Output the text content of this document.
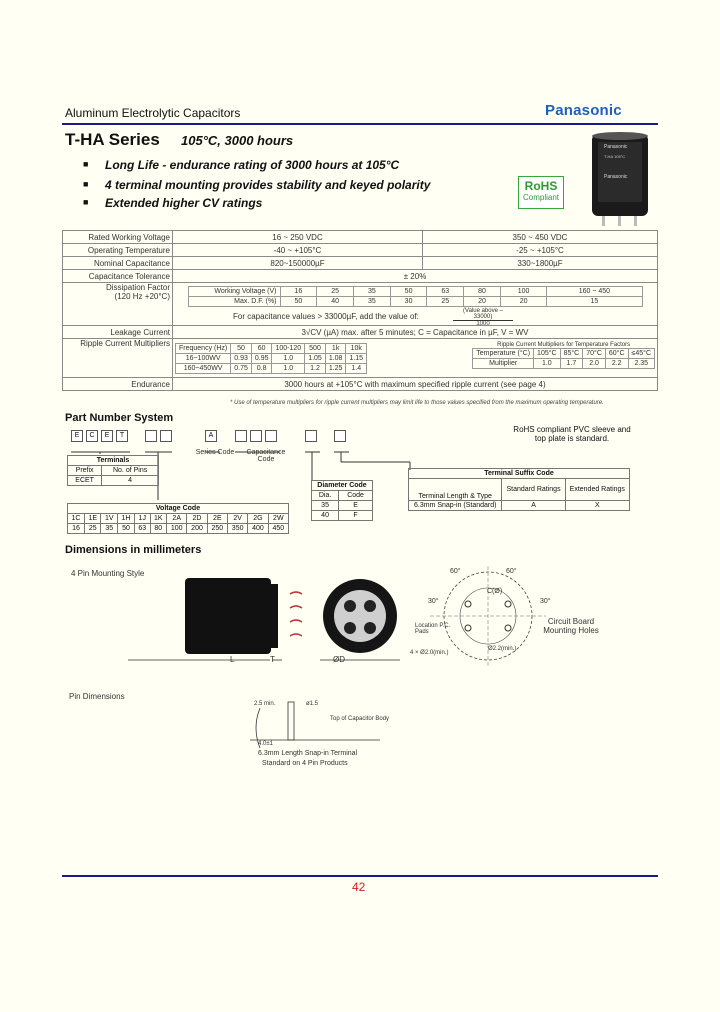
Aluminum Electrolytic Capacitors	Panasonic
T-HA Series 105°C, 3000 hours
■ Long Life - endurance rating of 3000 hours at 105°C
■ 4 terminal mounting provides stability and keyed polarity
■ Extended higher CV ratings
RoHS
Compliant
Panasonic
T-HA 105°C
Panasonic
Rated Working Voltage	16 ~ 250 VDC	350 ~ 450 VDC
Operating Temperature	-40 ~ +105°C	-25 ~ +105°C
Nominal Capacitance	820~150000µF	330~1800µF
Capacitance Tolerance	± 20%

Dissipation Factor
(120 Hz +20°C)

Working Voltage (V)	16	25	35	50	63	80	100	160 ~ 450
Max. D.F. (%)	50	40	35	30	25	20	20	15
For capacitance values > 33000µF, add the value of:
(Value above – 33000)
1000

Leakage Current	3√CV (µA) max. after 5 minutes; C = Capacitance in µF, V = WV
Ripple Current Multipliers	Frequency (Hz)	50	60	100-120	500	1k	10k
16~100WV	0.93	0.95	1.0	1.05	1.08	1.15
160~450WV	0.75	0.8	1.0	1.2	1.25	1.4
Ripple Current Multipliers for Temperature Factors
Temperature (°C)	105°C	85°C	70°C	60°C	≤45°C
Multiplier	1.0	1.7	2.0	2.2	2.35

Endurance	3000 hours at +105°C with maximum specified ripple current (see page 4)
* Use of temperature multipliers for ripple current multipliers may limit life to those values specified from the maximum operating temperature.
Part Number System
E	C	E	T	A
RoHS compliant PVC sleeve and top plate is standard.
Series Code	Capacitance Code
Terminals	
Prefix	No. of Pins
ECET	4
Voltage Code											
1C	1E	1V	1H	1J	1K	2A	2D	2E	2V	2G	2W
16	25	35	50	63	80	100	200	250	350	400	450
Diameter Code	
Dia.	Code
35	E
40	F
Terminal Suffix Code		
Terminal Length & Type	Standard Ratings	Extended Ratings
6.3mm Snap-in (Standard)	A	X
Dimensions in millimeters
4 Pin Mounting Style
L	T	ØD
60°	60°
30°	30°
C(Ø)
Location P.C. Pads
4 × Ø2.0(min.)
Ø2.2(min.)
Circuit Board Mounting Holes
Pin Dimensions
2.5 min.	ø1.5
Top of Capacitor Body
4.0±1
6.3mm Length Snap-in Terminal
Standard on 4 Pin Products
42
